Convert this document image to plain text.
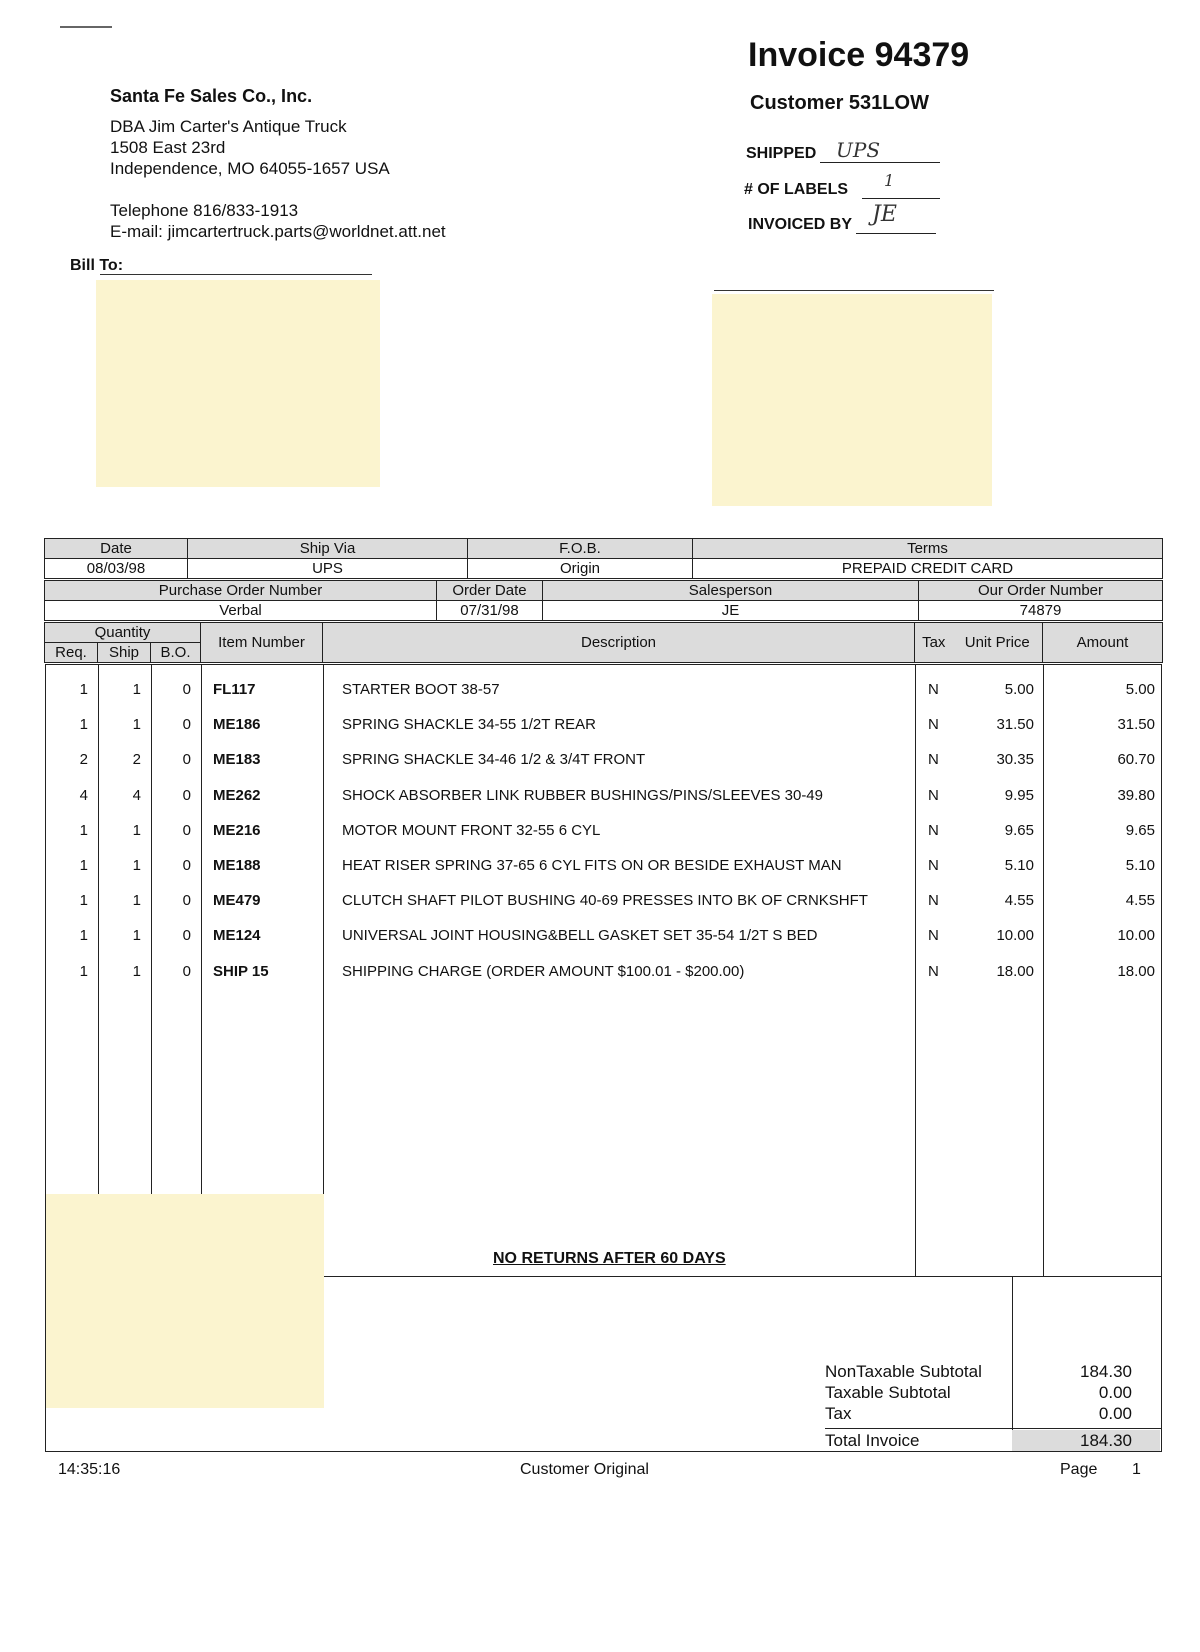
Santa Fe Sales Co., Inc.
DBA Jim Carter's Antique Truck
1508 East 23rd
Independence, MO 64055-1657 USA
Telephone 816/833-1913
E-mail: jimcartertruck.parts@worldnet.att.net
Invoice 94379
Customer 531LOW
SHIPPED UPS
# OF LABELS 1
INVOICED BY JE
Bill To:
Date	Ship Via	F.O.B.	Terms
08/03/98	UPS	Origin	PREPAID CREDIT CARD
Purchase Order Number	Order Date	Salesperson	Our Order Number
Verbal	07/31/98	JE	74879
Quantity			Item Number	Description	Tax	Unit Price	Amount
Req.	Ship	B.O.					
1	1	0 FL117	STARTER BOOT 38-57	N	5.00	5.00
1	1	0 ME186	SPRING SHACKLE 34-55 1/2T REAR	N	31.50	31.50
2	2	0 ME183	SPRING SHACKLE 34-46 1/2 & 3/4T FRONT	N	30.35	60.70
4	4	0 ME262	SHOCK ABSORBER LINK RUBBER BUSHINGS/PINS/SLEEVES 30-49	N	9.95	39.80
1	1	0 ME216	MOTOR MOUNT FRONT 32-55 6 CYL	N	9.65	9.65
1	1	0 ME188	HEAT RISER SPRING 37-65 6 CYL FITS ON OR BESIDE EXHAUST MAN	N	5.10	5.10
1	1	0 ME479	CLUTCH SHAFT PILOT BUSHING 40-69 PRESSES INTO BK OF CRNKSHFT	N	4.55	4.55
1	1	0 ME124	UNIVERSAL JOINT HOUSING&BELL GASKET SET 35-54 1/2T S BED	N	10.00	10.00
1	1	0 SHIP 15	SHIPPING CHARGE (ORDER AMOUNT $100.01 - $200.00)	N	18.00	18.00
NO RETURNS AFTER 60 DAYS
NonTaxable Subtotal	184.30
Taxable Subtotal	0.00
Tax	0.00
Total Invoice	184.30
14:35:16	Customer Original	Page 1
